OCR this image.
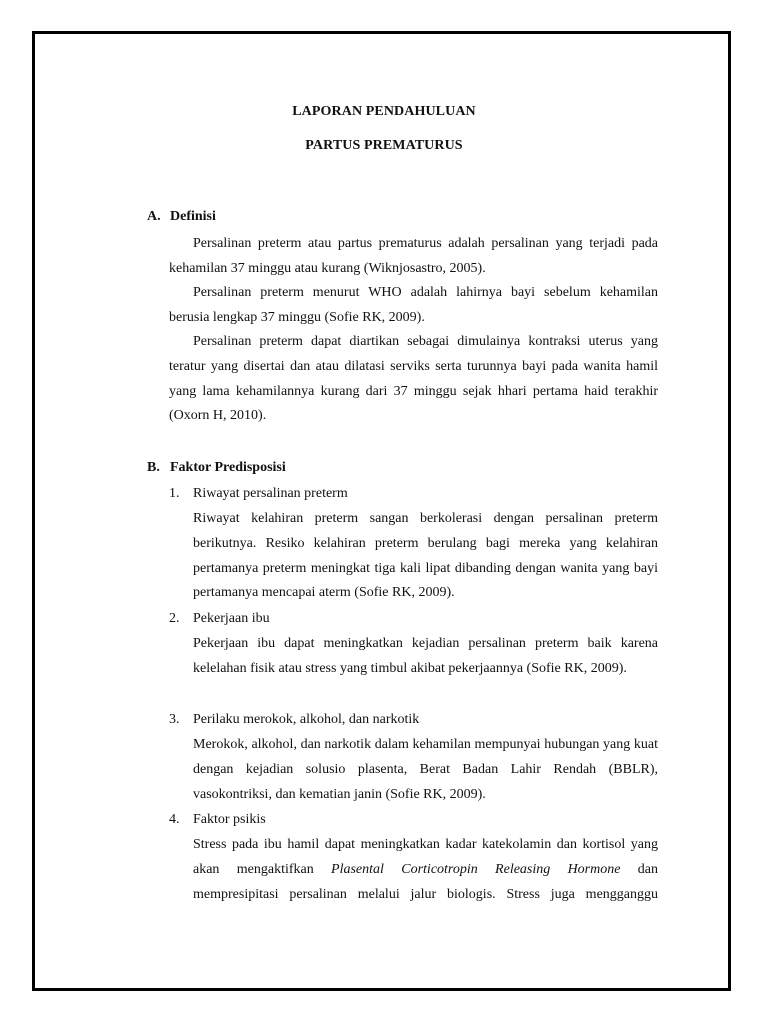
LAPORAN PENDAHULUAN
PARTUS PREMATURUS
A. Definisi

Persalinan preterm atau partus prematurus adalah persalinan yang terjadi pada kehamilan 37 minggu atau kurang (Wiknjosastro, 2005).

Persalinan preterm menurut WHO adalah lahirnya bayi sebelum kehamilan berusia lengkap 37 minggu (Sofie RK, 2009).

Persalinan preterm dapat diartikan sebagai dimulainya kontraksi uterus yang teratur yang disertai dan atau dilatasi serviks serta turunnya bayi pada wanita hamil yang lama kehamilannya kurang dari 37 minggu sejak hhari pertama haid terakhir (Oxorn H, 2010).

B. Faktor Predisposisi
1. Riwayat persalinan preterm

Riwayat kelahiran preterm sangan berkolerasi dengan persalinan preterm berikutnya. Resiko kelahiran preterm berulang bagi mereka yang kelahiran pertamanya preterm meningkat tiga kali lipat dibanding dengan wanita yang bayi pertamanya mencapai aterm (Sofie RK, 2009).

2. Pekerjaan ibu

Pekerjaan ibu dapat meningkatkan kejadian persalinan preterm baik karena kelelahan fisik atau stress yang timbul akibat pekerjaannya (Sofie RK, 2009).

3. Perilaku merokok, alkohol, dan narkotik

Merokok, alkohol, dan narkotik dalam kehamilan mempunyai hubungan yang kuat dengan kejadian solusio plasenta, Berat Badan Lahir Rendah (BBLR), vasokontriksi, dan kematian janin (Sofie RK, 2009).

4. Faktor psikis

Stress pada ibu hamil dapat meningkatkan kadar katekolamin dan kortisol yang akan mengaktifkan Plasental Corticotropin Releasing Hormone dan mempresipitasi persalinan melalui jalur biologis. Stress juga mengganggu
